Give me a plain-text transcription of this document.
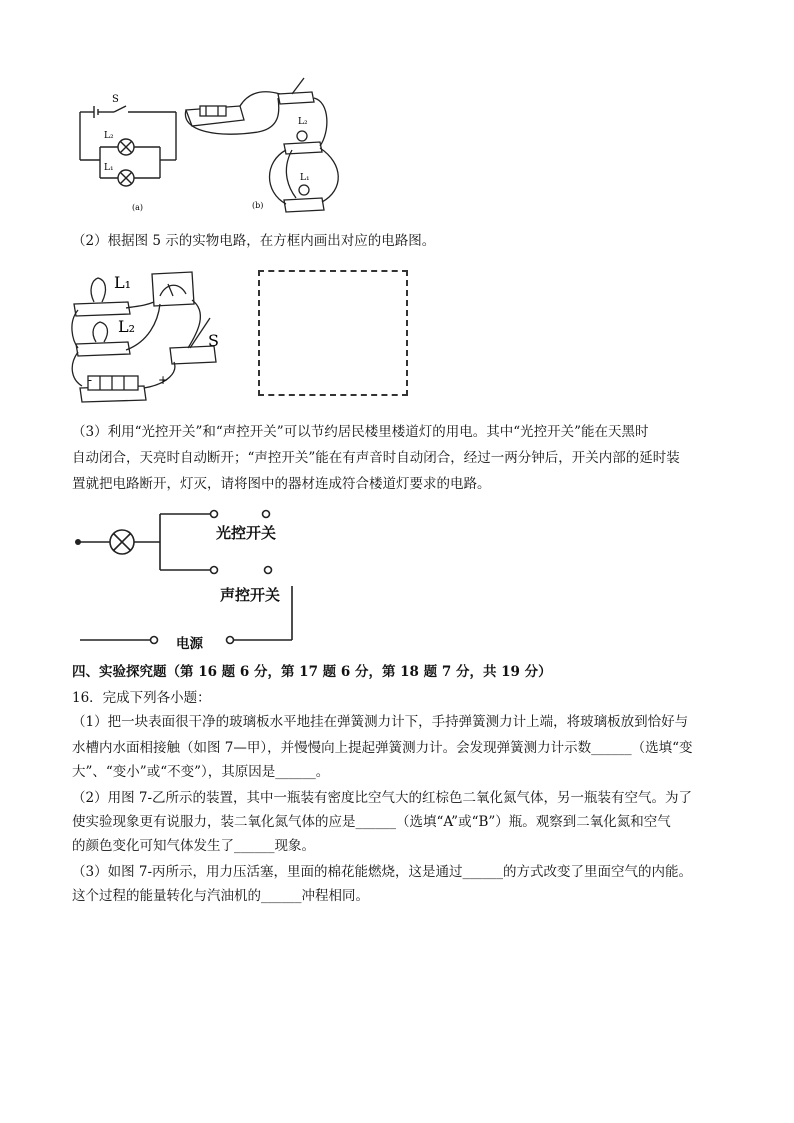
S
L₂
L₁
(a)
L₂
L₁
(b)
（2）根据图 5 示的实物电路，在方框内画出对应的电路图。
L₁
L₂
S
-	+
（3）利用“光控开关”和“声控开关”可以节约居民楼里楼道灯的用电。其中“光控开关”能在天黑时
自动闭合，天亮时自动断开；“声控开关”能在有声音时自动闭合，经过一两分钟后，开关内部的延时装
置就把电路断开，灯灭，请将图中的器材连成符合楼道灯要求的电路。
光控开关
声控开关
电源
四、实验探究题（第 16 题 6 分，第 17 题 6 分，第 18 题 7 分，共 19 分）
16．完成下列各小题：
（1）把一块表面很干净的玻璃板水平地挂在弹簧测力计下，手持弹簧测力计上端，将玻璃板放到恰好与
水槽内水面相接触（如图 7—甲），并慢慢向上提起弹簧测力计。会发现弹簧测力计示数______（选填“变
大”、“变小”或“不变”），其原因是______。
（2）用图 7-乙所示的装置，其中一瓶装有密度比空气大的红棕色二氧化氮气体，另一瓶装有空气。为了
使实验现象更有说服力，装二氧化氮气体的应是______（选填“A”或“B”）瓶。观察到二氧化氮和空气
的颜色变化可知气体发生了______现象。
（3）如图 7-丙所示，用力压活塞，里面的棉花能燃烧，这是通过______的方式改变了里面空气的内能。
这个过程的能量转化与汽油机的______冲程相同。
